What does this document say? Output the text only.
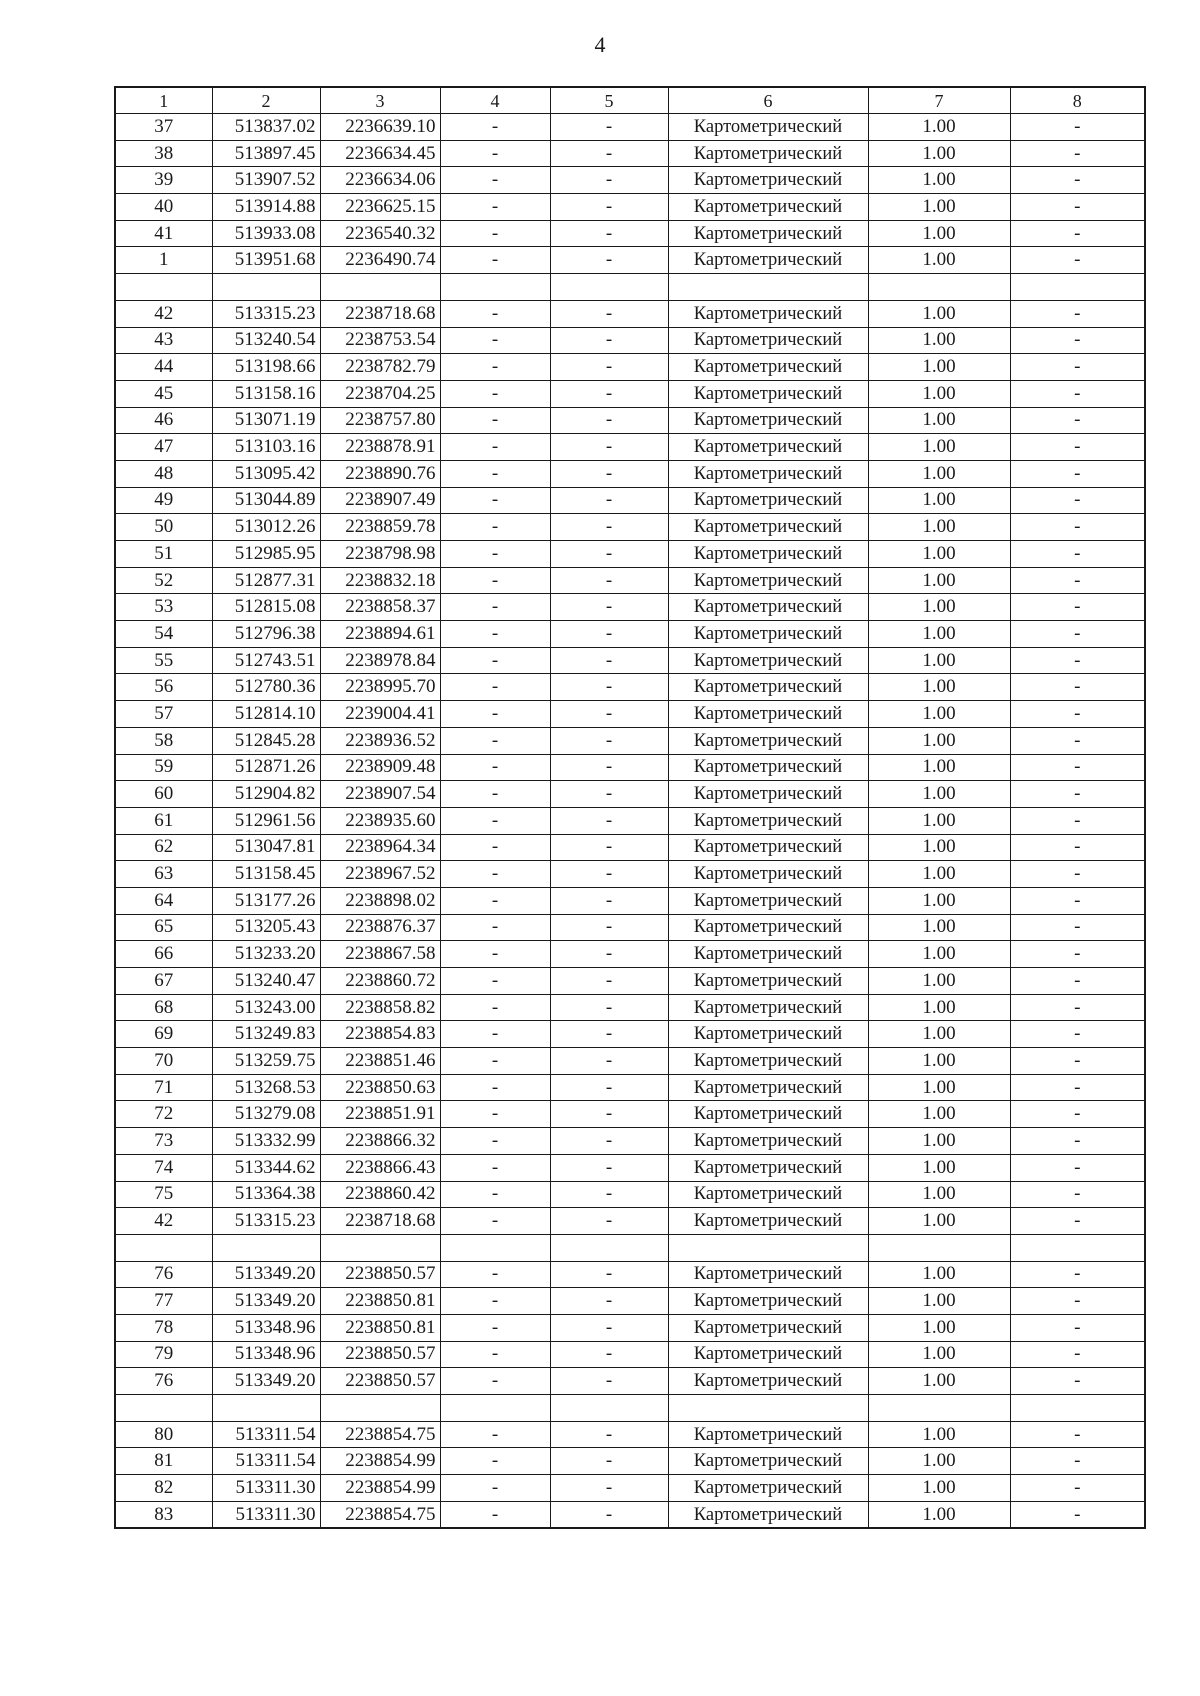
4
1	2	3	4	5	6	7	8
37	513837.02	2236639.10	-	-	Картометрический	1.00	-
38	513897.45	2236634.45	-	-	Картометрический	1.00	-
39	513907.52	2236634.06	-	-	Картометрический	1.00	-
40	513914.88	2236625.15	-	-	Картометрический	1.00	-
41	513933.08	2236540.32	-	-	Картометрический	1.00	-
1	513951.68	2236490.74	-	-	Картометрический	1.00	-

42	513315.23	2238718.68	-	-	Картометрический	1.00	-
43	513240.54	2238753.54	-	-	Картометрический	1.00	-
44	513198.66	2238782.79	-	-	Картометрический	1.00	-
45	513158.16	2238704.25	-	-	Картометрический	1.00	-
46	513071.19	2238757.80	-	-	Картометрический	1.00	-
47	513103.16	2238878.91	-	-	Картометрический	1.00	-
48	513095.42	2238890.76	-	-	Картометрический	1.00	-
49	513044.89	2238907.49	-	-	Картометрический	1.00	-
50	513012.26	2238859.78	-	-	Картометрический	1.00	-
51	512985.95	2238798.98	-	-	Картометрический	1.00	-
52	512877.31	2238832.18	-	-	Картометрический	1.00	-
53	512815.08	2238858.37	-	-	Картометрический	1.00	-
54	512796.38	2238894.61	-	-	Картометрический	1.00	-
55	512743.51	2238978.84	-	-	Картометрический	1.00	-
56	512780.36	2238995.70	-	-	Картометрический	1.00	-
57	512814.10	2239004.41	-	-	Картометрический	1.00	-
58	512845.28	2238936.52	-	-	Картометрический	1.00	-
59	512871.26	2238909.48	-	-	Картометрический	1.00	-
60	512904.82	2238907.54	-	-	Картометрический	1.00	-
61	512961.56	2238935.60	-	-	Картометрический	1.00	-
62	513047.81	2238964.34	-	-	Картометрический	1.00	-
63	513158.45	2238967.52	-	-	Картометрический	1.00	-
64	513177.26	2238898.02	-	-	Картометрический	1.00	-
65	513205.43	2238876.37	-	-	Картометрический	1.00	-
66	513233.20	2238867.58	-	-	Картометрический	1.00	-
67	513240.47	2238860.72	-	-	Картометрический	1.00	-
68	513243.00	2238858.82	-	-	Картометрический	1.00	-
69	513249.83	2238854.83	-	-	Картометрический	1.00	-
70	513259.75	2238851.46	-	-	Картометрический	1.00	-
71	513268.53	2238850.63	-	-	Картометрический	1.00	-
72	513279.08	2238851.91	-	-	Картометрический	1.00	-
73	513332.99	2238866.32	-	-	Картометрический	1.00	-
74	513344.62	2238866.43	-	-	Картометрический	1.00	-
75	513364.38	2238860.42	-	-	Картометрический	1.00	-
42	513315.23	2238718.68	-	-	Картометрический	1.00	-

76	513349.20	2238850.57	-	-	Картометрический	1.00	-
77	513349.20	2238850.81	-	-	Картометрический	1.00	-
78	513348.96	2238850.81	-	-	Картометрический	1.00	-
79	513348.96	2238850.57	-	-	Картометрический	1.00	-
76	513349.20	2238850.57	-	-	Картометрический	1.00	-

80	513311.54	2238854.75	-	-	Картометрический	1.00	-
81	513311.54	2238854.99	-	-	Картометрический	1.00	-
82	513311.30	2238854.99	-	-	Картометрический	1.00	-
83	513311.30	2238854.75	-	-	Картометрический	1.00	-
